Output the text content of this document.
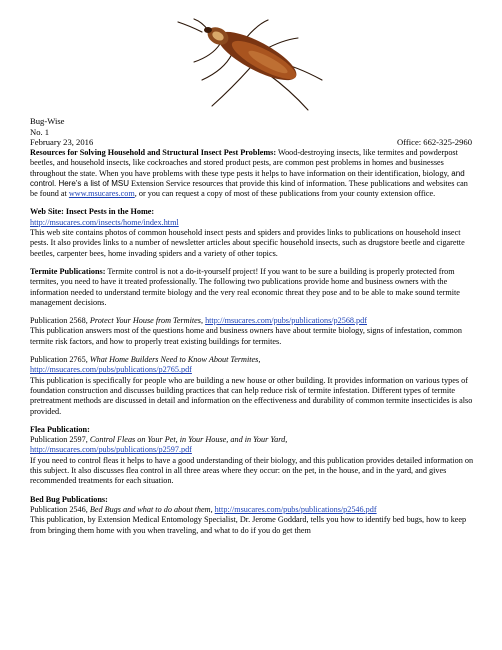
Bug-Wise
No. 1
February 23, 2016	Office: 662-325-2960

Resources for Solving Household and Structural Insect Pest Problems: Wood-destroying insects, like termites and powderpost beetles, and household insects, like cockroaches and stored product pests, are common pest problems in homes and businesses throughout the state. When you have problems with these type pests it helps to have information on their identification, biology, and control. Here’s a list of MSU Extension Service resources that provide this kind of information. These publications and websites can be found at www.msucares.com, or you can request a copy of most of these publications from your county extension office.

Web Site: Insect Pests in the Home:
http://msucares.com/insects/home/index.html
This web site contains photos of common household insect pests and spiders and provides links to publications on household insect pests. It also provides links to a number of newsletter articles about specific household insects, such as drugstore beetle and cigarette beetles, carpenter bees, home invading spiders and a variety of other topics.

Termite Publications: Termite control is not a do-it-yourself project! If you want to be sure a building is properly protected from termites, you need to have it treated professionally. The following two publications provide home and business owners with the information needed to understand termite biology and the very real economic threat they pose and to be able to make sound termite management decisions.

Publication 2568, Protect Your House from Termites, http://msucares.com/pubs/publications/p2568.pdf
This publication answers most of the questions home and business owners have about termite biology, signs of infestation, common termite risk factors, and how to properly treat existing buildings for termites.

Publication 2765, What Home Builders Need to Know About Termites,
http://msucares.com/pubs/publications/p2765.pdf
This publication is specifically for people who are building a new house or other building. It provides information on various types of foundation construction and discusses building practices that can help reduce risk of termite infestation. Different types of termite pretreatment methods are discussed in detail and information on the effectiveness and durability of common termite insecticides is also provided.

Flea Publication:
Publication 2597, Control Fleas on Your Pet, in Your House, and in Your Yard,
http://msucares.com/pubs/publications/p2597.pdf
If you need to control fleas it helps to have a good understanding of their biology, and this publication provides detailed information on this subject. It also discusses flea control in all three areas where they occur: on the pet, in the house, and in the yard, and gives recommended treatments for each situation.

Bed Bug Publications:
Publication 2546, Bed Bugs and what to do about them, http://msucares.com/pubs/publications/p2546.pdf
This publication, by Extension Medical Entomology Specialist, Dr. Jerome Goddard, tells you how to identify bed bugs, how to keep from bringing them home with you when traveling, and what to do if you do get them
